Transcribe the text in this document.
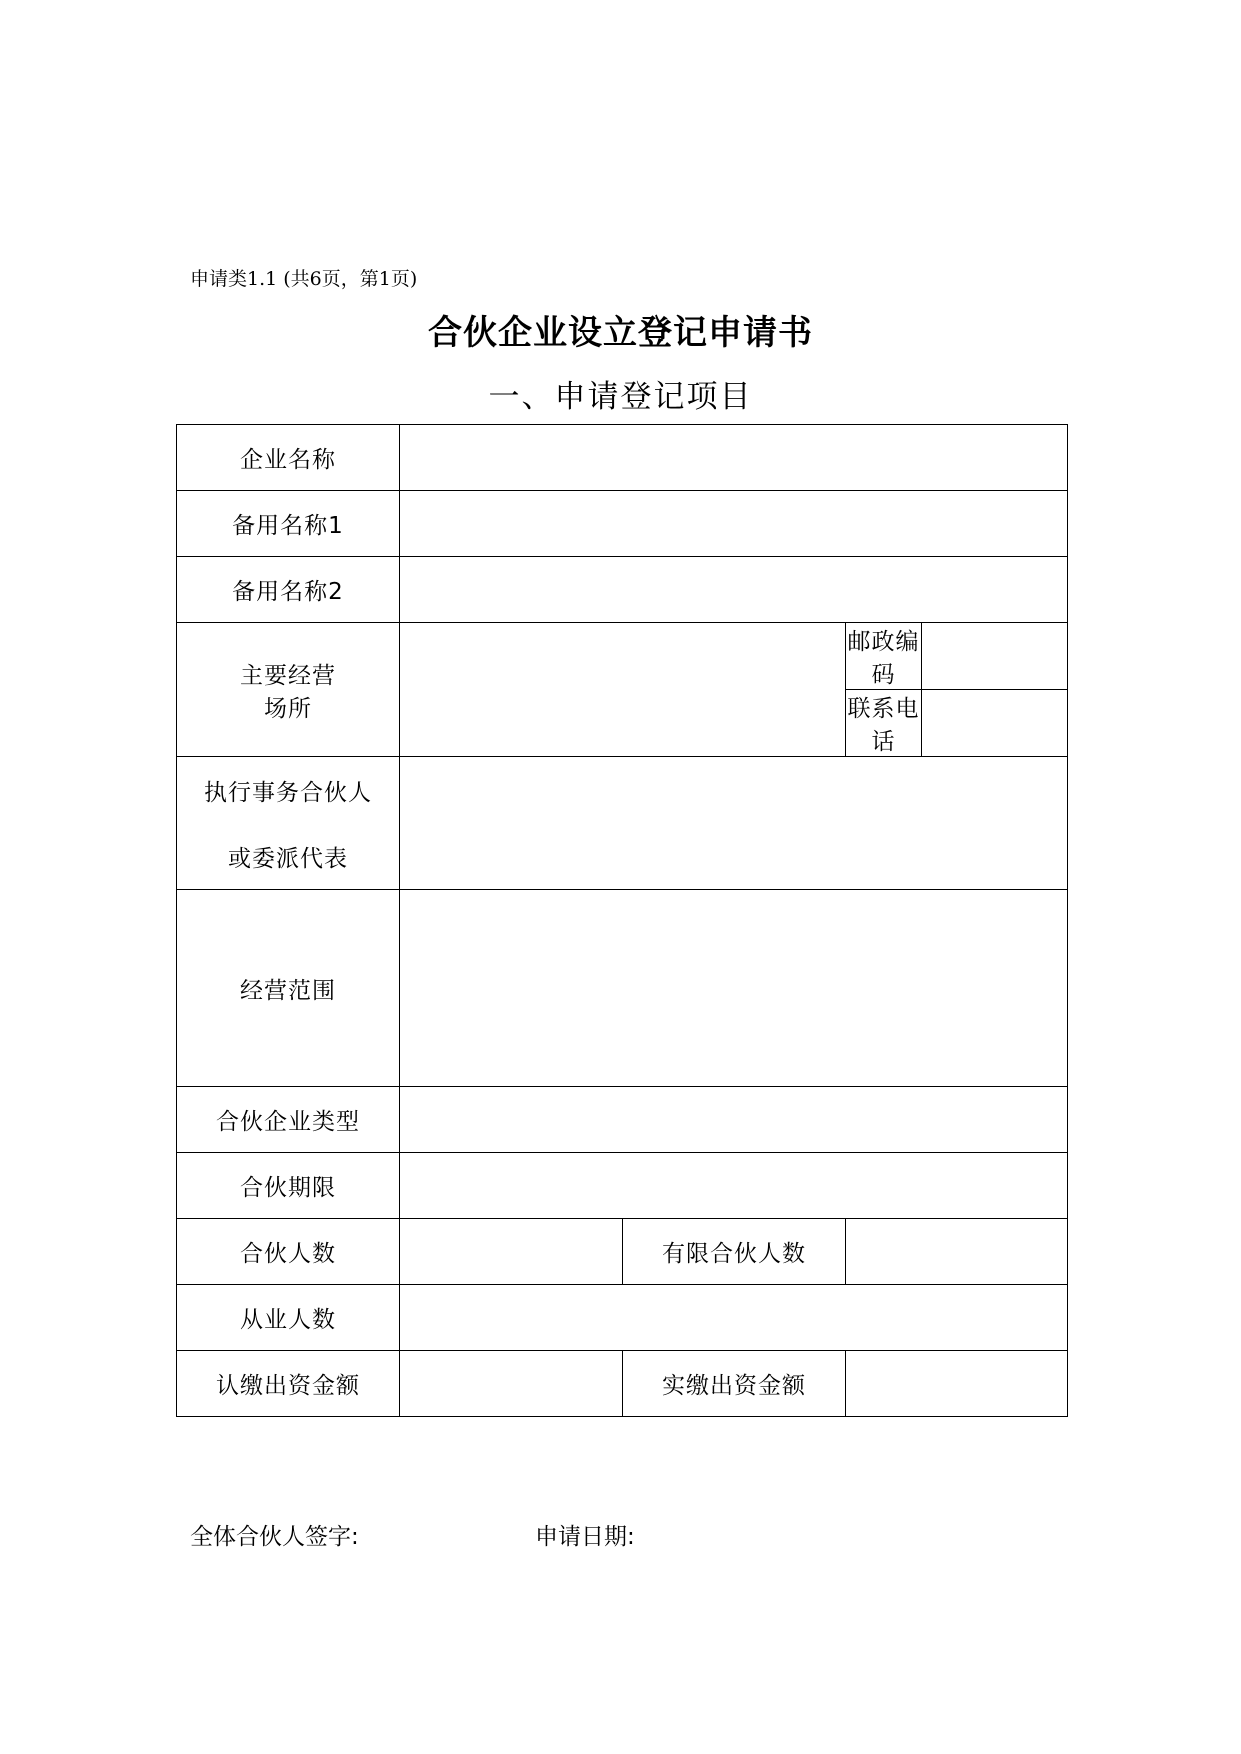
申请类1.1 (共6页，第1页)
合伙企业设立登记申请书
一、申请登记项目
企业名称				
备用名称1				
备用名称2				

主要经营
场所			邮政编码	
			联系电话	

执行事务合伙人
或委派代表				

经营范围				
合伙企业类型				
合伙期限				
合伙人数		有限合伙人数		
从业人数				
认缴出资金额		实缴出资金额		
全体合伙人签字:	申请日期:
